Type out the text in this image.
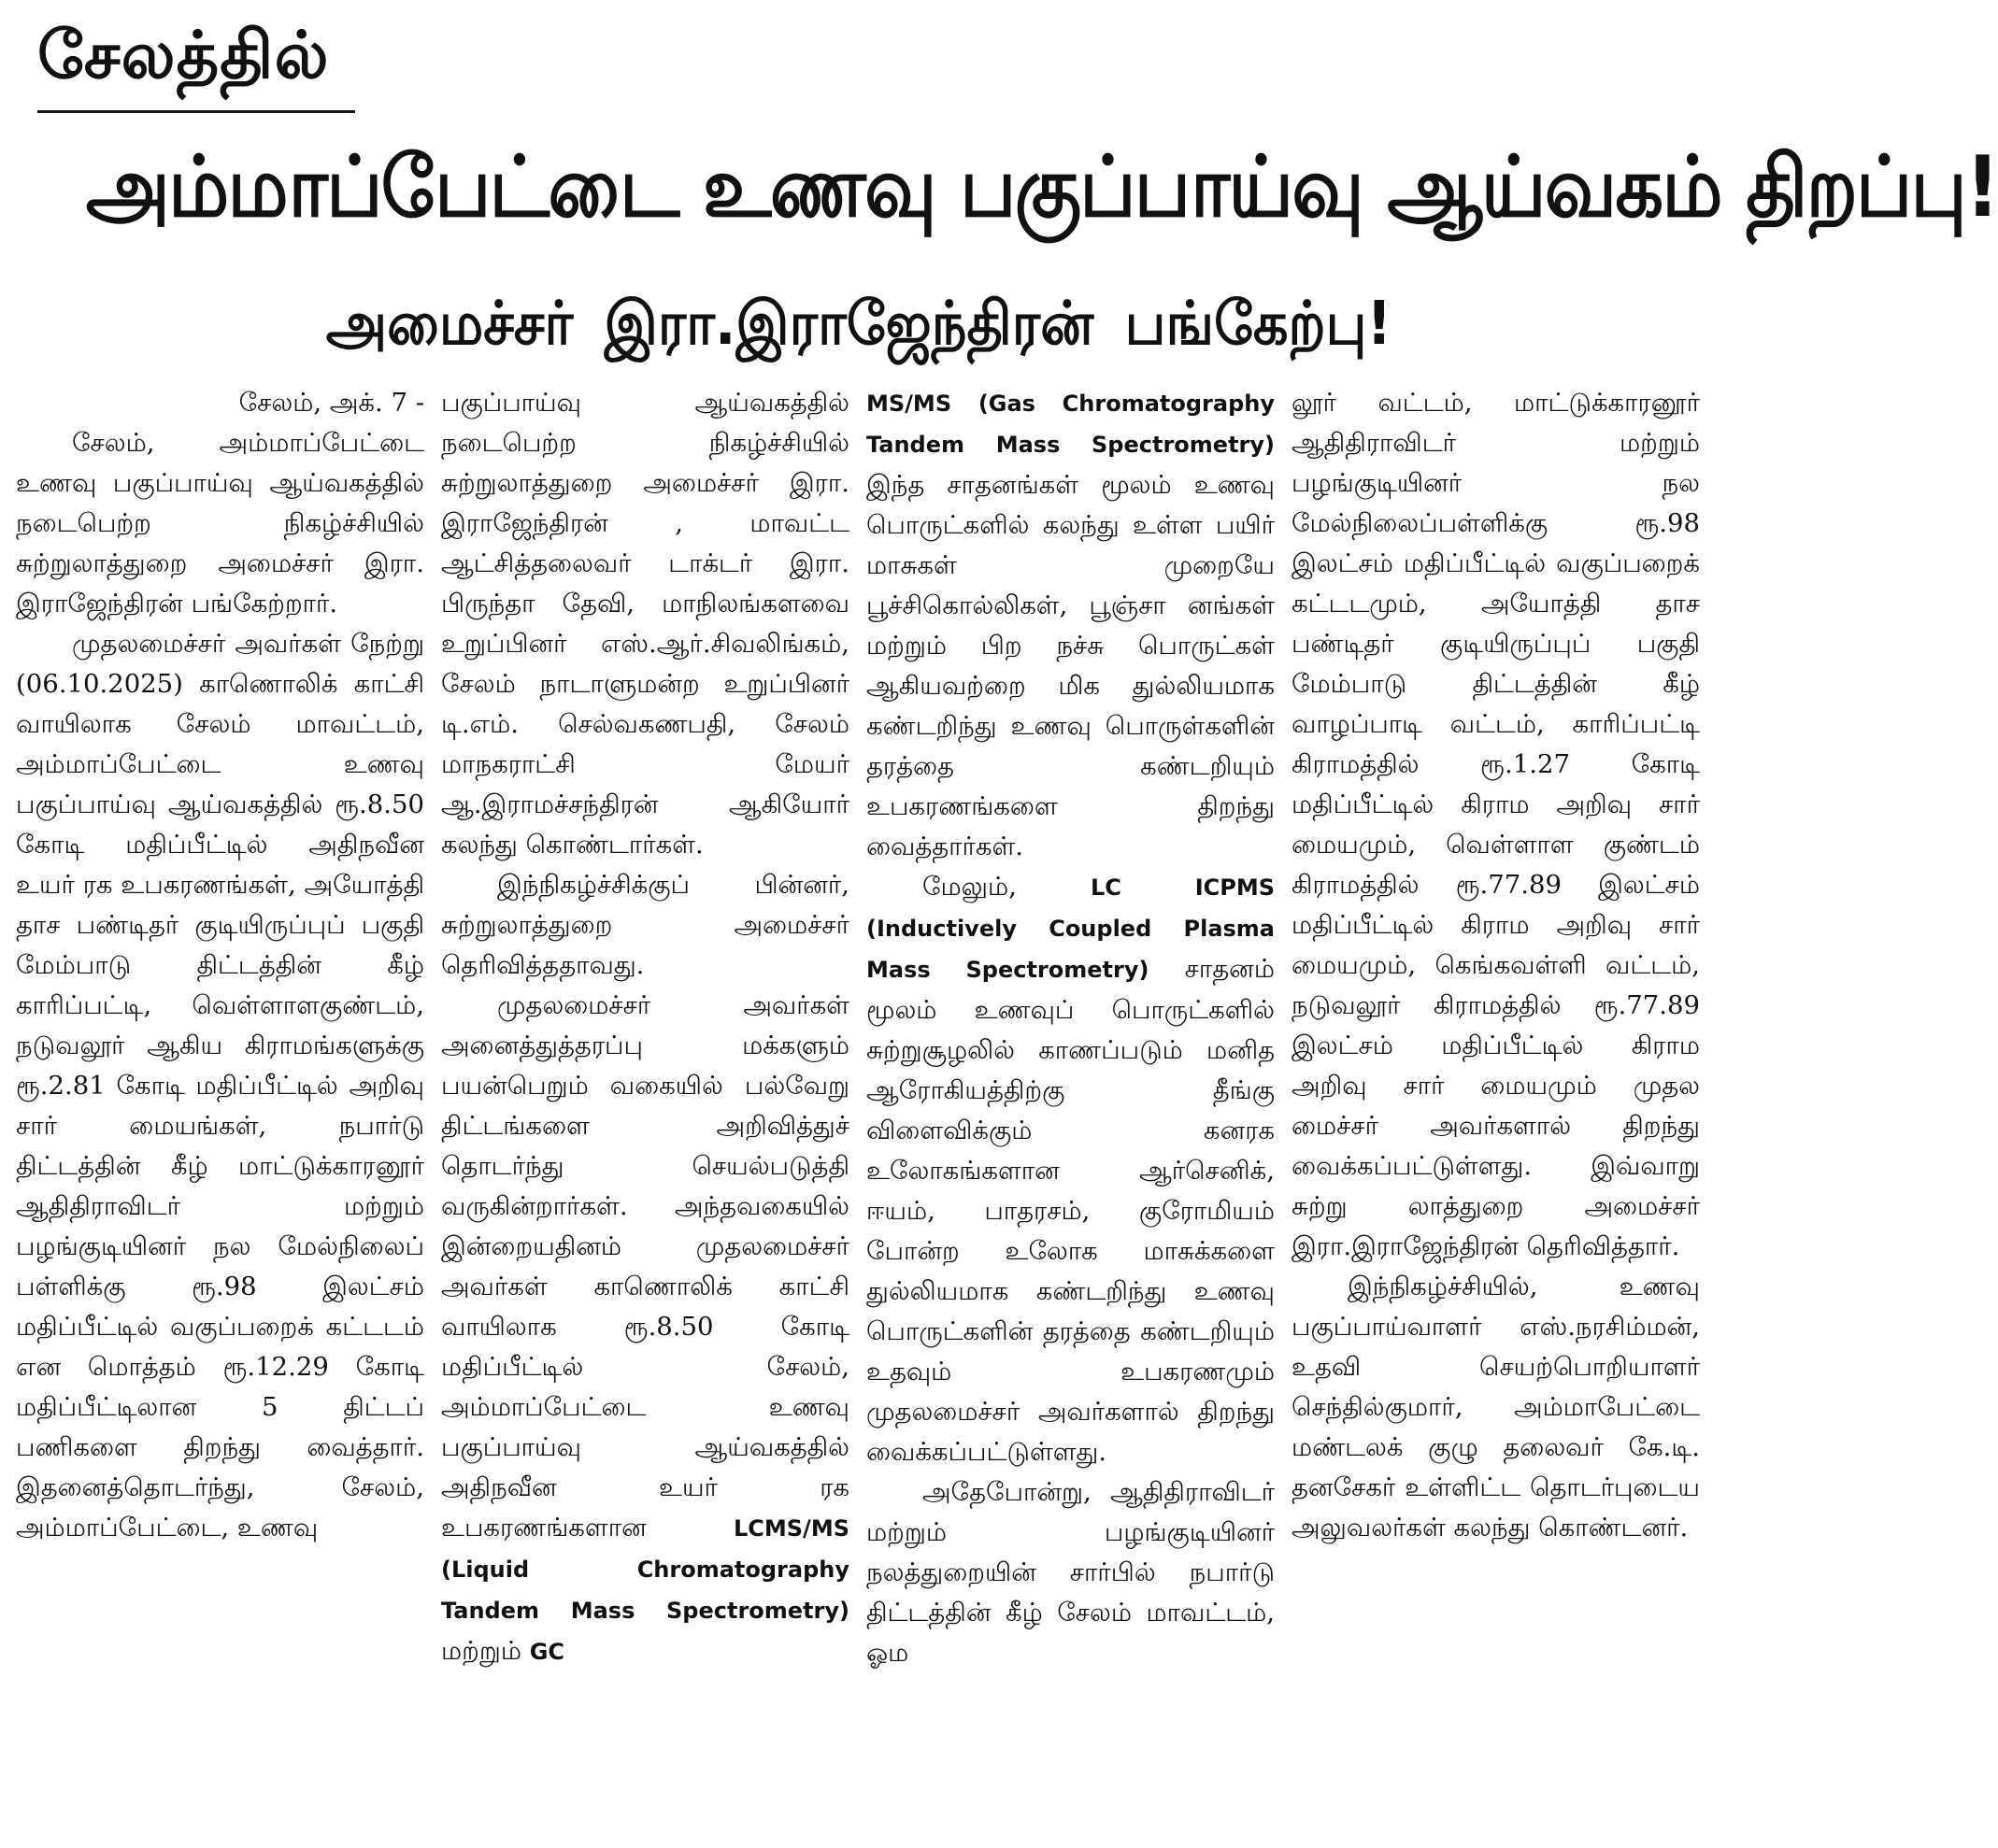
சேலத்தில்
அம்மாப்பேட்டை உணவு பகுப்பாய்வு ஆய்வகம் திறப்பு!
அமைச்சர் இரா.இராஜேந்திரன் பங்கேற்பு!

சேலம், அக். 7 -

சேலம், அம்மாப்பேட்டை உணவு பகுப்பாய்வு ஆய்வகத்தில் நடைபெற்ற நிகழ்ச்சியில் சுற்றுலாத்துறை அமைச்சர் இரா. இராஜேந்திரன் பங்கேற்றார்.

முதலமைச்சர் அவர்கள் நேற்று (06.10.2025) காணொலிக் காட்சி வாயிலாக சேலம் மாவட்டம், அம்மாப்பேட்டை உணவு பகுப்பாய்வு ஆய்வகத்தில் ரூ.8.50 கோடி மதிப்பீட்டில் அதிநவீன உயர் ரக உபகரணங்கள், அயோத்தி தாச பண்டிதர் குடியிருப்புப் பகுதி மேம்பாடு திட்டத்தின் கீழ் காரிப்பட்டி, வெள்ளாளகுண்டம், நடுவலூர் ஆகிய கிராமங்களுக்கு ரூ.2.81 கோடி மதிப்பீட்டில் அறிவு சார் மையங்கள், நபார்டு திட்டத்தின் கீழ் மாட்டுக்காரனூர் ஆதிதிராவிடர் மற்றும் பழங்குடியினர் நல மேல்நிலைப் பள்ளிக்கு ரூ.98 இலட்சம் மதிப்பீட்டில் வகுப்பறைக் கட்டடம் என மொத்தம் ரூ.12.29 கோடி மதிப்பீட்டிலான 5 திட்டப் பணிகளை திறந்து வைத்தார். இதனைத்தொடர்ந்து, சேலம், அம்மாப்பேட்டை, உணவு

பகுப்பாய்வு ஆய்வகத்தில் நடைபெற்ற நிகழ்ச்சியில் சுற்றுலாத்துறை அமைச்சர் இரா. இராஜேந்திரன் , மாவட்ட ஆட்சித்தலைவர் டாக்டர் இரா. பிருந்தா தேவி, மாநிலங்களவை உறுப்பினர் எஸ்.ஆர்.சிவலிங்கம், சேலம் நாடாளுமன்ற உறுப்பினர் டி.எம். செல்வகணபதி, சேலம் மாநகராட்சி மேயர் ஆ.இராமச்சந்திரன் ஆகியோர் கலந்து கொண்டார்கள்.

இந்நிகழ்ச்சிக்குப் பின்னர், சுற்றுலாத்துறை அமைச்சர் தெரிவித்ததாவது.

முதலமைச்சர் அவர்கள் அனைத்துத்தரப்பு மக்களும் பயன்பெறும் வகையில் பல்வேறு திட்டங்களை அறிவித்துச் தொடர்ந்து செயல்படுத்தி வருகின்றார்கள். அந்தவகையில் இன்றையதினம் முதலமைச்சர் அவர்கள் காணொலிக் காட்சி வாயிலாக ரூ.8.50 கோடி மதிப்பீட்டில் சேலம், அம்மாப்பேட்டை உணவு பகுப்பாய்வு ஆய்வகத்தில் அதிநவீன உயர் ரக உபகரணங்களான	LCMS/MS (Liquid Chromatography Tandem Mass Spectrometry) மற்றும் GC

MS/MS (Gas Chromatography Tandem Mass Spectrometry) இந்த சாதனங்கள் மூலம் உணவு பொருட்களில் கலந்து உள்ள பயிர் மாசுகள் முறையே பூச்சிகொல்லிகள், பூஞ்சா னங்கள் மற்றும் பிற நச்சு பொருட்கள் ஆகியவற்றை மிக துல்லியமாக கண்டறிந்து உணவு பொருள்களின் தரத்தை கண்டறியும் உபகரணங்களை திறந்து வைத்தார்கள்.

மேலும்,	LC ICPMS (Inductively Coupled Plasma Mass Spectrometry) சாதனம் மூலம் உணவுப் பொருட்களில் சுற்றுசூழலில் காணப்படும் மனித ஆரோகியத்திற்கு தீங்கு விளைவிக்கும் கனரக உலோகங்களான ஆர்செனிக், ஈயம், பாதரசம், குரோமியம் போன்ற உலோக மாசுக்களை துல்லியமாக கண்டறிந்து உணவு பொருட்களின் தரத்தை கண்டறியும் உதவும் உபகரணமும் முதலமைச்சர் அவர்களால் திறந்து வைக்கப்பட்டுள்ளது.

அதேபோன்று, ஆதிதிராவிடர் மற்றும் பழங்குடியினர் நலத்துறையின் சார்பில் நபார்டு திட்டத்தின் கீழ் சேலம் மாவட்டம், ஓம

லூர் வட்டம், மாட்டுக்காரனூர் ஆதிதிராவிடர் மற்றும் பழங்குடியினர் நல மேல்நிலைப்பள்ளிக்கு ரூ.98 இலட்சம் மதிப்பீட்டில் வகுப்பறைக் கட்டடமும், அயோத்தி தாச பண்டிதர் குடியிருப்புப் பகுதி மேம்பாடு திட்டத்தின் கீழ் வாழப்பாடி வட்டம், காரிப்பட்டி கிராமத்தில் ரூ.1.27 கோடி மதிப்பீட்டில் கிராம அறிவு சார் மையமும், வெள்ளாள குண்டம் கிராமத்தில் ரூ.77.89 இலட்சம் மதிப்பீட்டில் கிராம அறிவு சார் மையமும், கெங்கவள்ளி வட்டம், நடுவலூர் கிராமத்தில் ரூ.77.89 இலட்சம் மதிப்பீட்டில் கிராம அறிவு சார் மையமும் முதல மைச்சர் அவர்களால் திறந்து வைக்கப்பட்டுள்ளது. இவ்வாறு சுற்று லாத்துறை அமைச்சர் இரா.இராஜேந்திரன் தெரிவித்தார்.

இந்நிகழ்ச்சியில், உணவு பகுப்பாய்வாளர் எஸ்.நரசிம்மன், உதவி செயற்பொறியாளர் செந்தில்குமார், அம்மாபேட்டை மண்டலக் குழு தலைவர் கே.டி. தனசேகர் உள்ளிட்ட தொடர்புடைய அலுவலர்கள் கலந்து கொண்டனர்.
